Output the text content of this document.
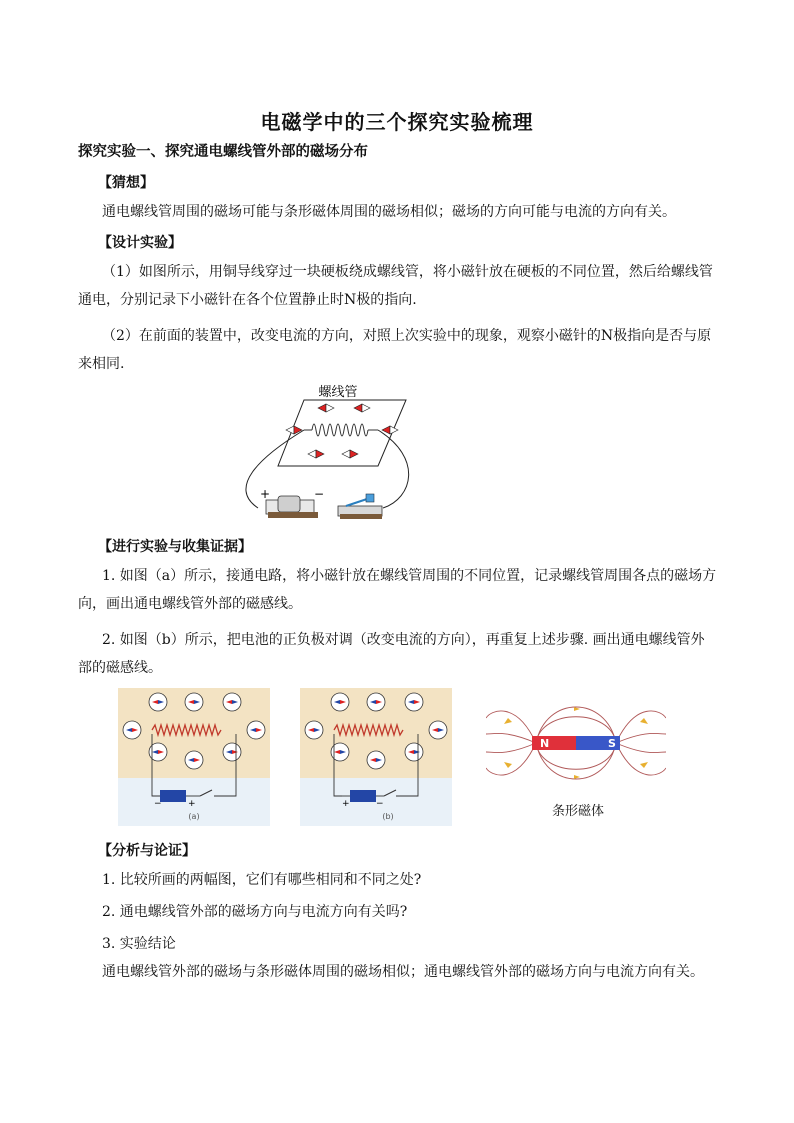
电磁学中的三个探究实验梳理
探究实验一、探究通电螺线管外部的磁场分布
【猜想】
通电螺线管周围的磁场可能与条形磁体周围的磁场相似；磁场的方向可能与电流的方向有关。
【设计实验】
（1）如图所示，用铜导线穿过一块硬板绕成螺线管，将小磁针放在硬板的不同位置，然后给螺线管通电，分别记录下小磁针在各个位置静止时N极的指向.
（2）在前面的装置中，改变电流的方向，对照上次实验中的现象，观察小磁针的N极指向是否与原来相同.
螺线管
+	−
【进行实验与收集证据】
1. 如图（a）所示，接通电路，将小磁针放在螺线管周围的不同位置，记录螺线管周围各点的磁场方向，画出通电螺线管外部的磁感线。
2. 如图（b）所示，把电池的正负极对调（改变电流的方向），再重复上述步骤. 画出通电螺线管外部的磁感线。
−	+
(a)
+	−
(b)
N	S
条形磁体
【分析与论证】
1. 比较所画的两幅图，它们有哪些相同和不同之处?
2. 通电螺线管外部的磁场方向与电流方向有关吗?
3. 实验结论
通电螺线管外部的磁场与条形磁体周围的磁场相似；通电螺线管外部的磁场方向与电流方向有关。
